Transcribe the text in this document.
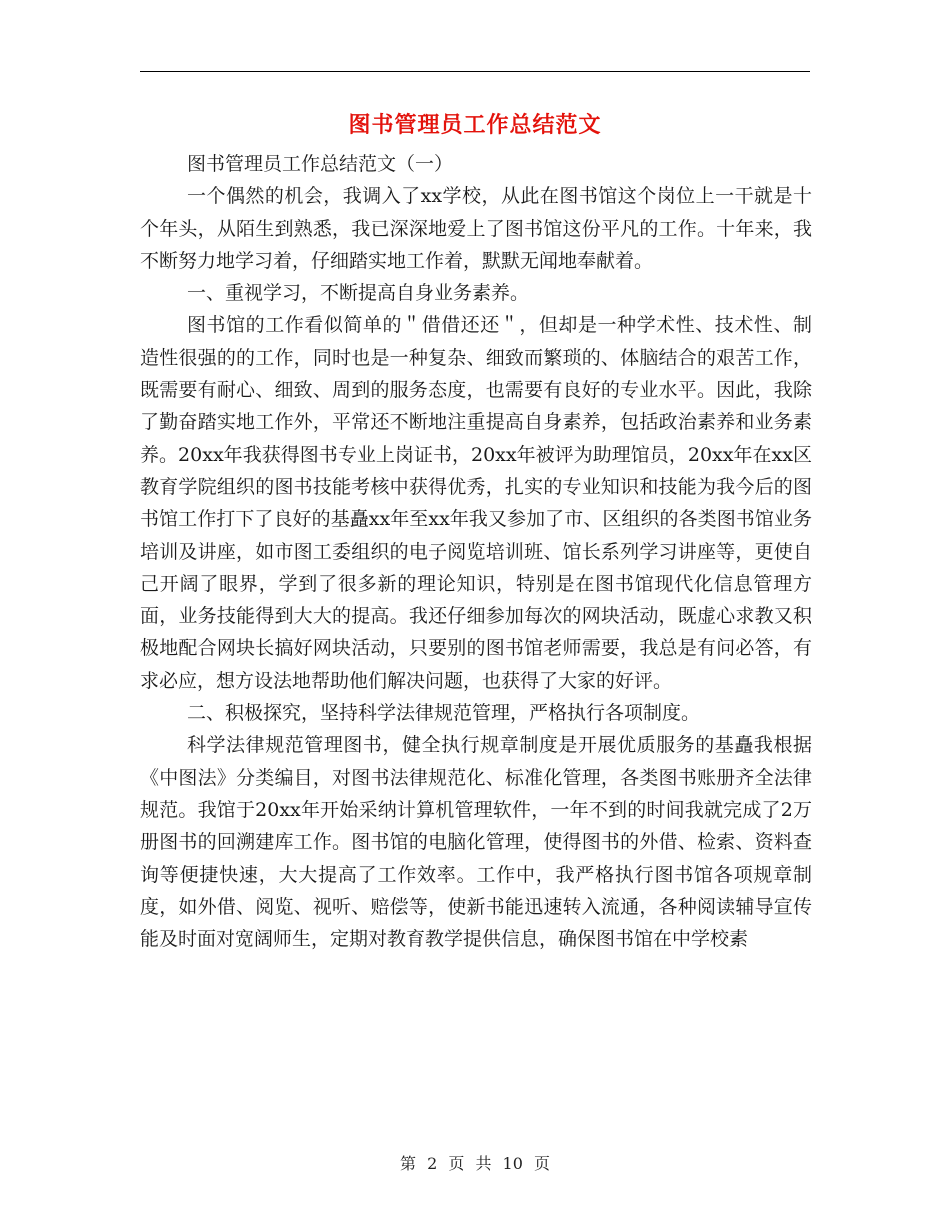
图书管理员工作总结范文

图书管理员工作总结范文（一）

一个偶然的机会，我调入了xx学校，从此在图书馆这个岗位上一干就是十个年头，从陌生到熟悉，我已深深地爱上了图书馆这份平凡的工作。十年来，我不断努力地学习着，仔细踏实地工作着，默默无闻地奉献着。

一、重视学习，不断提高自身业务素养。

图书馆的工作看似简单的＂借借还还＂，但却是一种学术性、技术性、制造性很强的的工作，同时也是一种复杂、细致而繁琐的、体脑结合的艰苦工作，既需要有耐心、细致、周到的服务态度，也需要有良好的专业水平。因此，我除了勤奋踏实地工作外，平常还不断地注重提高自身素养，包括政治素养和业务素养。20xx年我获得图书专业上岗证书，20xx年被评为助理馆员，20xx年在xx区教育学院组织的图书技能考核中获得优秀，扎实的专业知识和技能为我今后的图书馆工作打下了良好的基矗xx年至xx年我又参加了市、区组织的各类图书馆业务培训及讲座，如市图工委组织的电子阅览培训班、馆长系列学习讲座等，更使自己开阔了眼界，学到了很多新的理论知识，特别是在图书馆现代化信息管理方面，业务技能得到大大的提高。我还仔细参加每次的网块活动，既虚心求教又积极地配合网块长搞好网块活动，只要别的图书馆老师需要，我总是有问必答，有求必应，想方设法地帮助他们解决问题，也获得了大家的好评。

二、积极探究，坚持科学法律规范管理，严格执行各项制度。

科学法律规范管理图书，健全执行规章制度是开展优质服务的基矗我根据《中图法》分类编目，对图书法律规范化、标准化管理，各类图书账册齐全法律规范。我馆于20xx年开始采纳计算机管理软件，一年不到的时间我就完成了2万册图书的回溯建库工作。图书馆的电脑化管理，使得图书的外借、检索、资料查询等便捷快速，大大提高了工作效率。工作中，我严格执行图书馆各项规章制度，如外借、阅览、视听、赔偿等，使新书能迅速转入流通，各种阅读辅导宣传能及时面对宽阔师生，定期对教育教学提供信息，确保图书馆在中学校素

第 2 页 共 10 页
